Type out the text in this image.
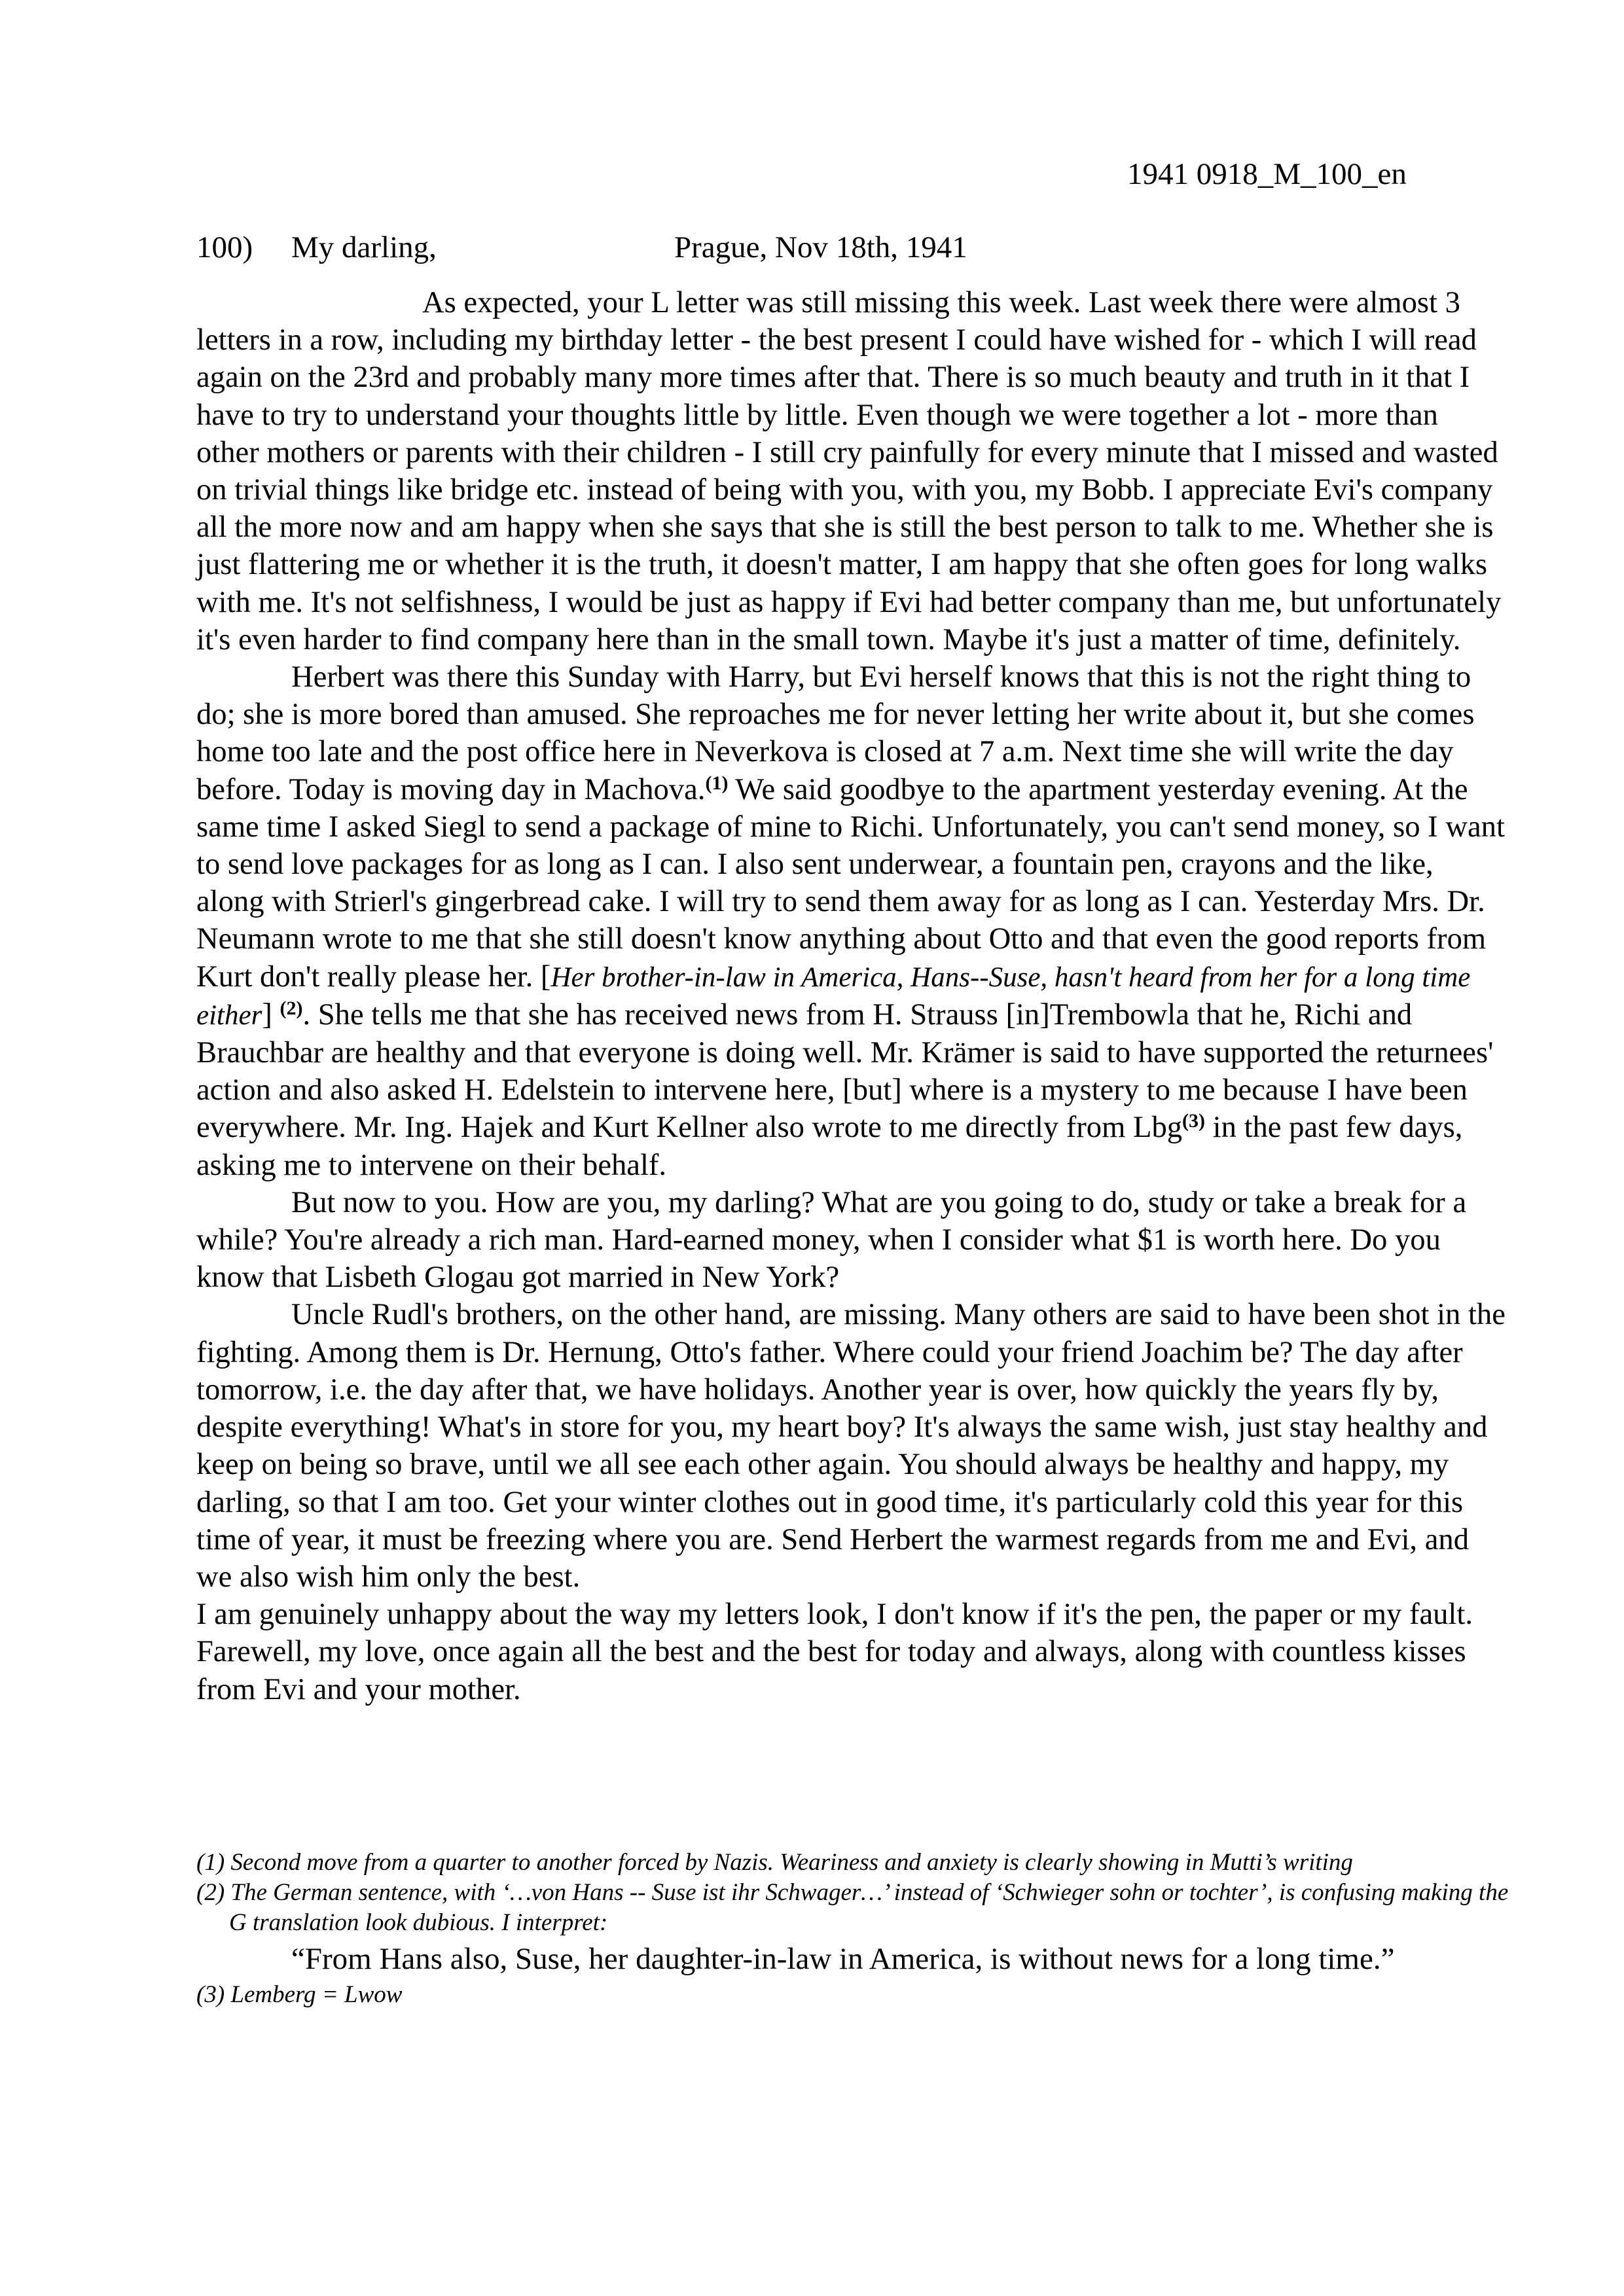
1941 0918_M_100_en
100) My darling,	Prague, Nov 18th, 1941

As expected, your L letter was still missing this week. Last week there were almost 3 letters in a row, including my birthday letter - the best present I could have wished for - which I will read again on the 23rd and probably many more times after that. There is so much beauty and truth in it that I have to try to understand your thoughts little by little. Even though we were together a lot - more than other mothers or parents with their children - I still cry painfully for every minute that I missed and wasted on trivial things like bridge etc. instead of being with you, with you, my Bobb. I appreciate Evi's company all the more now and am happy when she says that she is still the best person to talk to me. Whether she is just flattering me or whether it is the truth, it doesn't matter, I am happy that she often goes for long walks with me. It's not selfishness, I would be just as happy if Evi had better company than me, but unfortunately it's even harder to find company here than in the small town. Maybe it's just a matter of time, definitely.

Herbert was there this Sunday with Harry, but Evi herself knows that this is not the right thing to do; she is more bored than amused. She reproaches me for never letting her write about it, but she comes home too late and the post office here in Neverkova is closed at 7 a.m. Next time she will write the day before. Today is moving day in Machova.$^{(1)}$ We said goodbye to the apartment yesterday evening. At the same time I asked Siegl to send a package of mine to Richi. Unfortunately, you can't send money, so I want to send love packages for as long as I can. I also sent underwear, a fountain pen, crayons and the like, along with Strierl's gingerbread cake. I will try to send them away for as long as I can. Yesterday Mrs. Dr. Neumann wrote to me that she still doesn't know anything about Otto and that even the good reports from Kurt don't really please her. [Her brother-in-law in America, Hans--Suse, hasn't heard from her for a long time either] $^{(2)}$. She tells me that she has received news from H. Strauss [in]Trembowla that he, Richi and Brauchbar are healthy and that everyone is doing well. Mr. Krämer is said to have supported the returnees' action and also asked H. Edelstein to intervene here, [but] where is a mystery to me because I have been everywhere. Mr. Ing. Hajek and Kurt Kellner also wrote to me directly from Lbg$^{(3)}$ in the past few days, asking me to intervene on their behalf.

But now to you. How are you, my darling? What are you going to do, study or take a break for a while? You're already a rich man. Hard-earned money, when I consider what $1 is worth here. Do you know that Lisbeth Glogau got married in New York?

Uncle Rudl's brothers, on the other hand, are missing. Many others are said to have been shot in the fighting. Among them is Dr. Hernung, Otto's father. Where could your friend Joachim be? The day after tomorrow, i.e. the day after that, we have holidays. Another year is over, how quickly the years fly by, despite everything! What's in store for you, my heart boy? It's always the same wish, just stay healthy and keep on being so brave, until we all see each other again. You should always be healthy and happy, my darling, so that I am too. Get your winter clothes out in good time, it's particularly cold this year for this time of year, it must be freezing where you are. Send Herbert the warmest regards from me and Evi, and we also wish him only the best.

I am genuinely unhappy about the way my letters look, I don't know if it's the pen, the paper or my fault. Farewell, my love, once again all the best and the best for today and always, along with countless kisses from Evi and your mother.

(1) Second move from a quarter to another forced by Nazis. Weariness and anxiety is clearly showing in Mutti’s writing

(2) The German sentence, with ‘…von Hans -- Suse ist ihr Schwager…’ instead of ‘Schwieger sohn or tochter’, is confusing making the G translation look dubious. I interpret:

“From Hans also, Suse, her daughter-in-law in America, is without news for a long time.”

(3) Lemberg = Lwow
